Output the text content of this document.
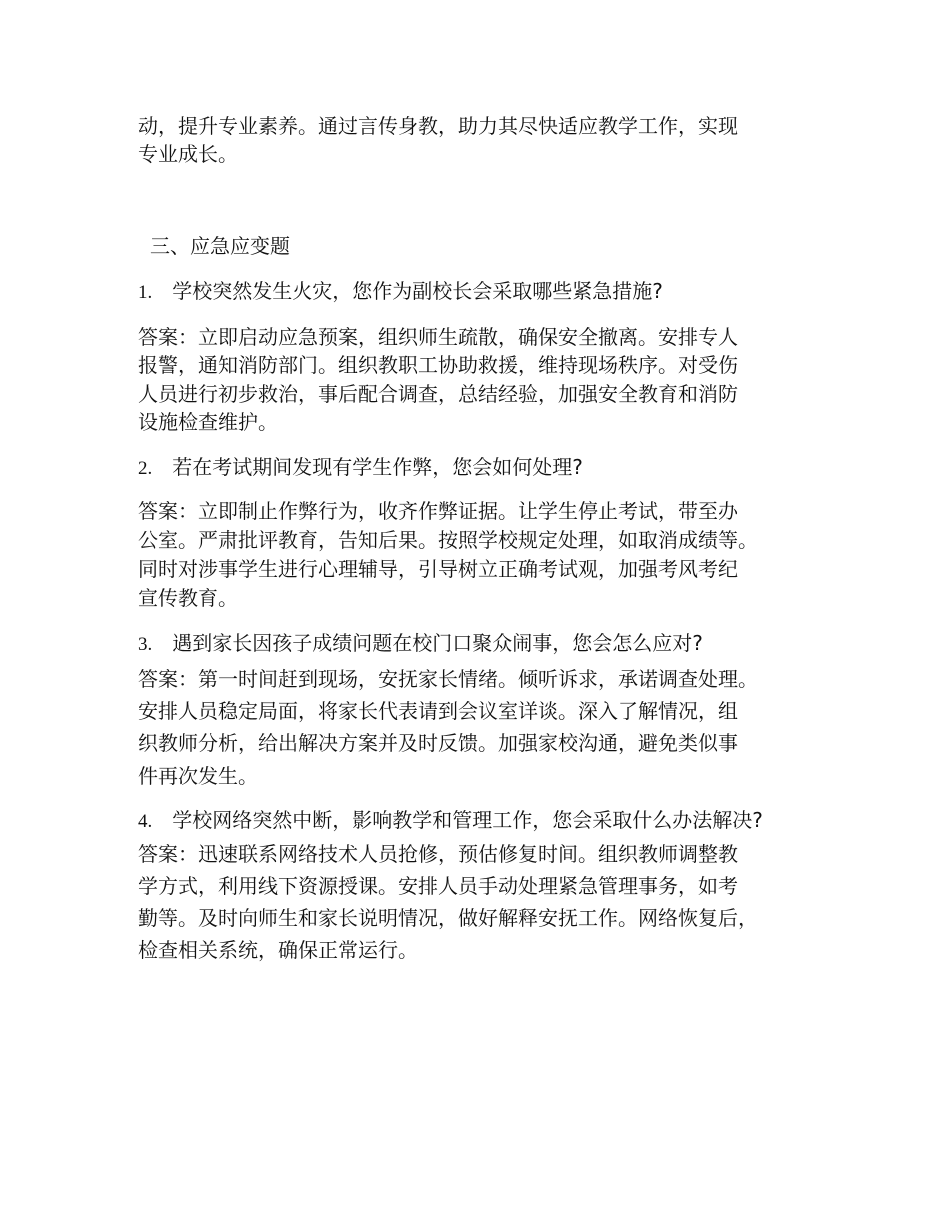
动，提升专业素养。通过言传身教，助力其尽快适应教学工作，实现
专业成长。
三、应急应变题
1. 学校突然发生火灾，您作为副校长会采取哪些紧急措施?
答案：立即启动应急预案，组织师生疏散，确保安全撤离。安排专人
报警，通知消防部门。组织教职工协助救援，维持现场秩序。对受伤
人员进行初步救治，事后配合调查，总结经验，加强安全教育和消防
设施检查维护。
2. 若在考试期间发现有学生作弊，您会如何处理?
答案：立即制止作弊行为，收齐作弊证据。让学生停止考试，带至办
公室。严肃批评教育，告知后果。按照学校规定处理，如取消成绩等。
同时对涉事学生进行心理辅导，引导树立正确考试观，加强考风考纪
宣传教育。
3. 遇到家长因孩子成绩问题在校门口聚众闹事，您会怎么应对?
答案：第一时间赶到现场，安抚家长情绪。倾听诉求，承诺调查处理。
安排人员稳定局面，将家长代表请到会议室详谈。深入了解情况，组
织教师分析，给出解决方案并及时反馈。加强家校沟通，避免类似事
件再次发生。
4. 学校网络突然中断，影响教学和管理工作，您会采取什么办法解决?
答案：迅速联系网络技术人员抢修，预估修复时间。组织教师调整教
学方式，利用线下资源授课。安排人员手动处理紧急管理事务，如考
勤等。及时向师生和家长说明情况，做好解释安抚工作。网络恢复后，
检查相关系统，确保正常运行。
